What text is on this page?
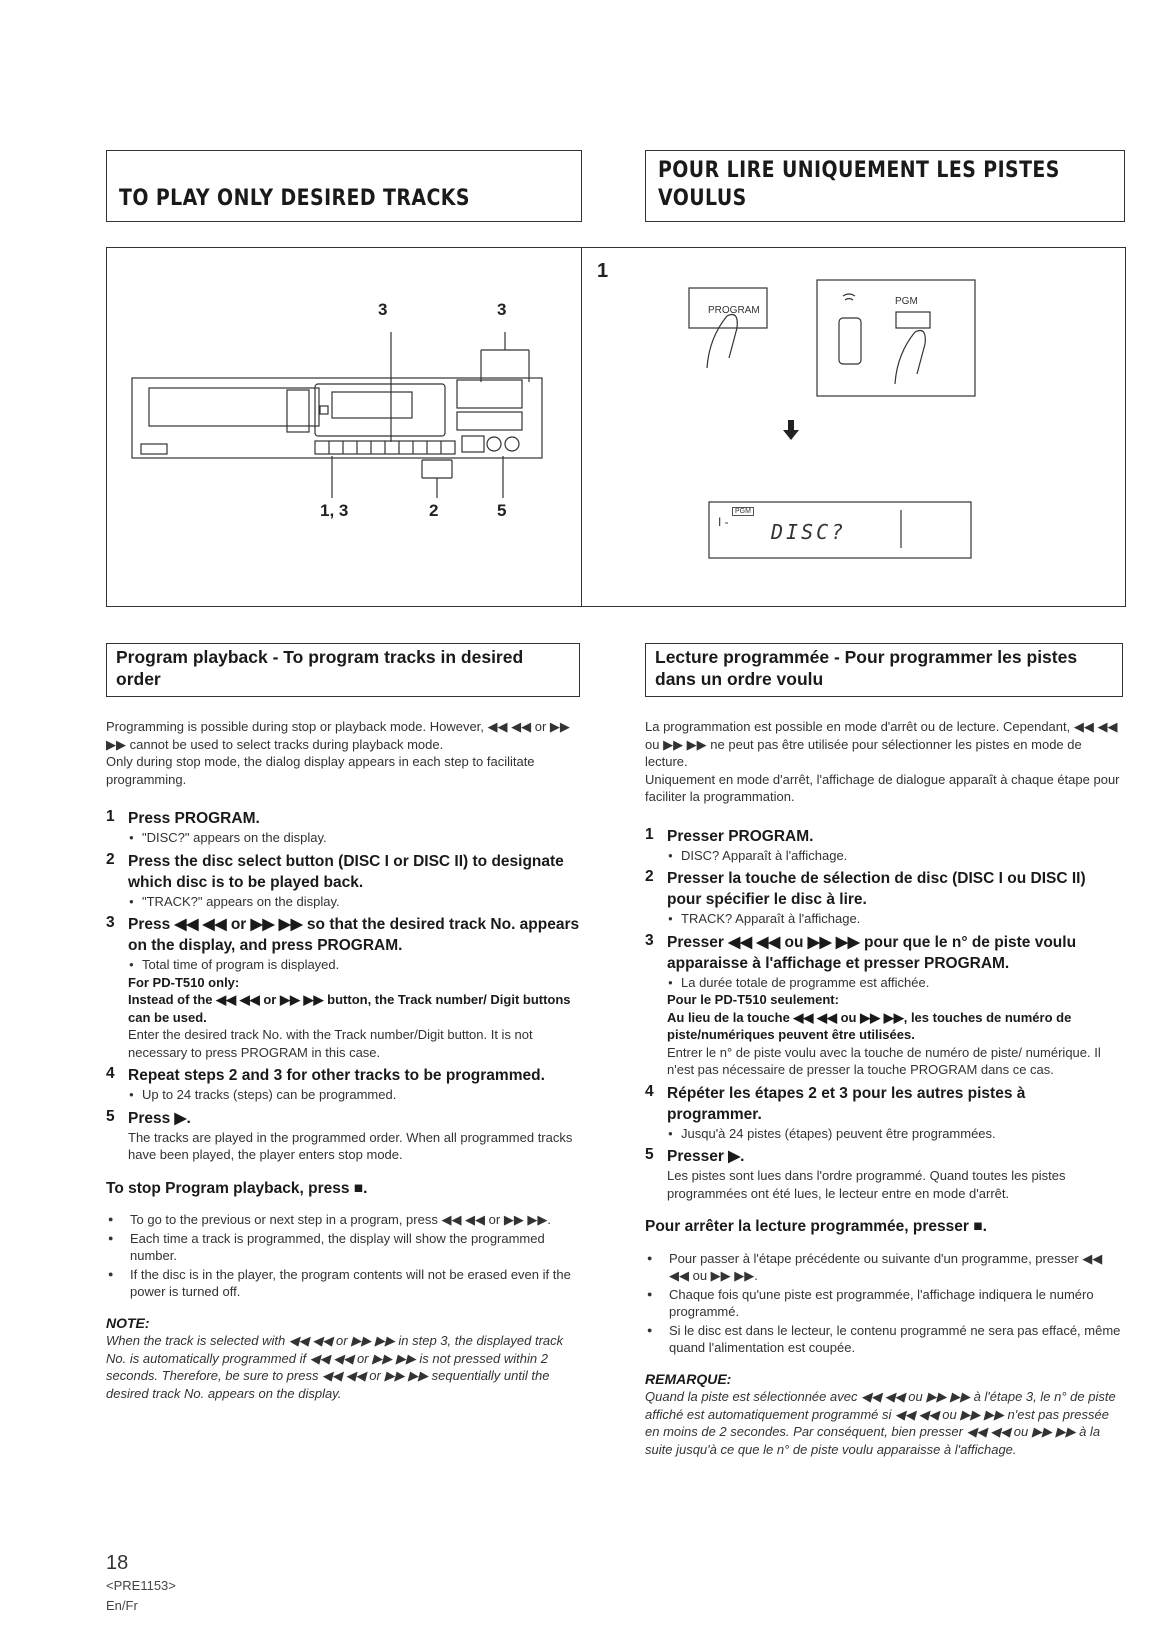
TO PLAY ONLY DESIRED TRACKS
POUR LIRE UNIQUEMENT LES PISTES
VOULUS
3	3
1, 3	2	5
1
PROGRAM
PGM
I -
PGM
DISC?
Program playback - To program tracks in desired order
Lecture programmée - Pour programmer les pistes dans un ordre voulu

Programming is possible during stop or playback mode. However, ◀◀ ◀◀ or ▶▶ ▶▶ cannot be used to select tracks during playback mode.

Only during stop mode, the dialog display appears in each step to facilitate programming.

1 Press PROGRAM.
● "DISC?" appears on the display.
2 Press the disc select button (DISC I or DISC II) to designate which disc is to be played back.
● "TRACK?" appears on the display.
3 Press ◀◀ ◀◀ or ▶▶ ▶▶ so that the desired track No. appears on the display, and press PROGRAM.
● Total time of program is displayed.
For PD-T510 only:
Instead of the ◀◀ ◀◀ or ▶▶ ▶▶ button, the Track number/ Digit buttons can be used.
Enter the desired track No. with the Track number/Digit button. It is not necessary to press PROGRAM in this case.
4 Repeat steps 2 and 3 for other tracks to be programmed.
● Up to 24 tracks (steps) can be programmed.
5 Press ▶.
The tracks are played in the programmed order. When all programmed tracks have been played, the player enters stop mode.
To stop Program playback, press ■.
● To go to the previous or next step in a program, press ◀◀ ◀◀ or ▶▶ ▶▶.
● Each time a track is programmed, the display will show the programmed number.
● If the disc is in the player, the program contents will not be erased even if the power is turned off.
NOTE:
When the track is selected with ◀◀ ◀◀ or ▶▶ ▶▶ in step 3, the displayed track No. is automatically programmed if ◀◀ ◀◀ or ▶▶ ▶▶ is not pressed within 2 seconds. Therefore, be sure to press ◀◀ ◀◀ or ▶▶ ▶▶ sequentially until the desired track No. appears on the display.

La programmation est possible en mode d'arrêt ou de lecture. Cependant, ◀◀ ◀◀ ou ▶▶ ▶▶ ne peut pas être utilisée pour sélectionner les pistes en mode de lecture.

Uniquement en mode d'arrêt, l'affichage de dialogue apparaît à chaque étape pour faciliter la programmation.

1 Presser PROGRAM.
● DISC? Apparaît à l'affichage.
2 Presser la touche de sélection de disc (DISC I ou DISC II) pour spécifier le disc à lire.
● TRACK? Apparaît à l'affichage.
3 Presser ◀◀ ◀◀ ou ▶▶ ▶▶ pour que le n° de piste voulu apparaisse à l'affichage et presser PROGRAM.
● La durée totale de programme est affichée.
Pour le PD-T510 seulement:
Au lieu de la touche ◀◀ ◀◀ ou ▶▶ ▶▶, les touches de numéro de piste/numériques peuvent être utilisées.
Entrer le n° de piste voulu avec la touche de numéro de piste/ numérique. Il n'est pas nécessaire de presser la touche PROGRAM dans ce cas.
4 Répéter les étapes 2 et 3 pour les autres pistes à programmer.
● Jusqu'à 24 pistes (étapes) peuvent être programmées.
5 Presser ▶.
Les pistes sont lues dans l'ordre programmé. Quand toutes les pistes programmées ont été lues, le lecteur entre en mode d'arrêt.
Pour arrêter la lecture programmée, presser ■.
● Pour passer à l'étape précédente ou suivante d'un programme, presser ◀◀ ◀◀ ou ▶▶ ▶▶.
● Chaque fois qu'une piste est programmée, l'affichage indiquera le numéro programmé.
● Si le disc est dans le lecteur, le contenu programmé ne sera pas effacé, même quand l'alimentation est coupée.
REMARQUE:
Quand la piste est sélectionnée avec ◀◀ ◀◀ ou ▶▶ ▶▶ à l'étape 3, le n° de piste affiché est automatiquement programmé si ◀◀ ◀◀ ou ▶▶ ▶▶ n'est pas pressée en moins de 2 secondes. Par conséquent, bien presser ◀◀ ◀◀ ou ▶▶ ▶▶ à la suite jusqu'à ce que le n° de piste voulu apparaisse à l'affichage.
18
<PRE1153>
En/Fr
